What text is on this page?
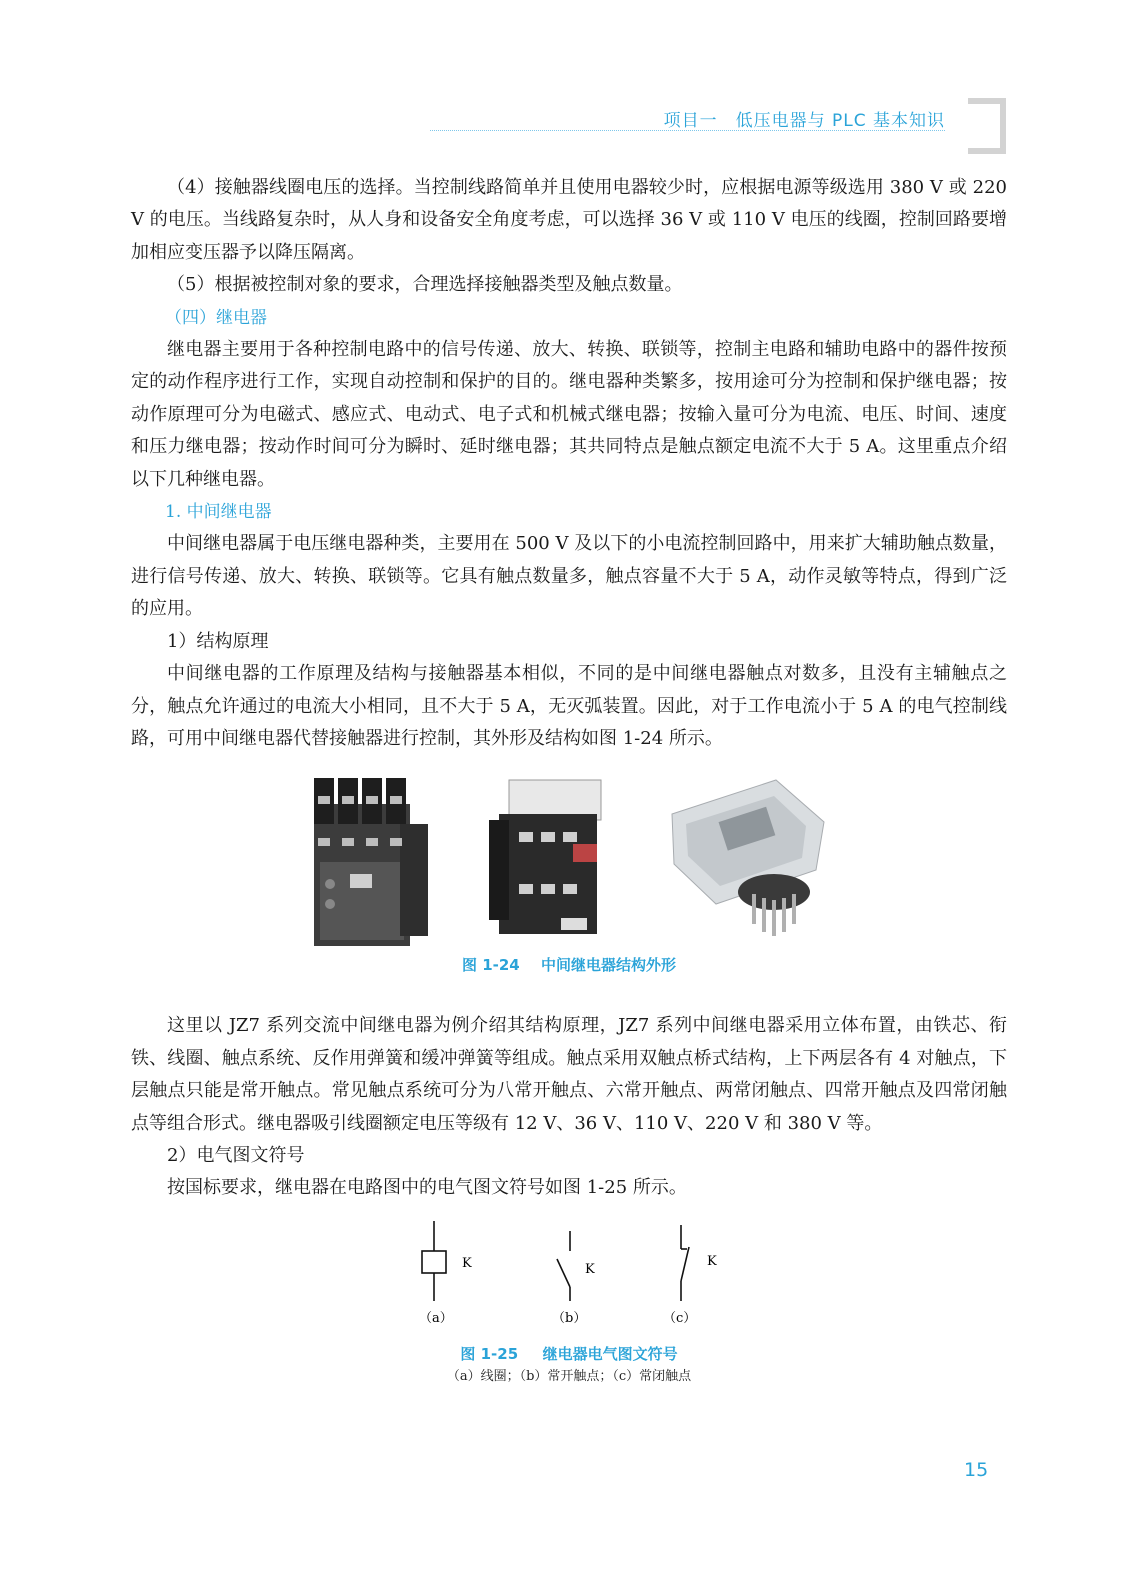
项目一　低压电器与 PLC 基本知识

（4）接触器线圈电压的选择。当控制线路简单并且使用电器较少时，应根据电源等级选用 380 V 或 220 V 的电压。当线路复杂时，从人身和设备安全角度考虑，可以选择 36 V 或 110 V 电压的线圈，控制回路要增加相应变压器予以降压隔离。

（5）根据被控制对象的要求，合理选择接触器类型及触点数量。

（四）继电器

继电器主要用于各种控制电路中的信号传递、放大、转换、联锁等，控制主电路和辅助电路中的器件按预定的动作程序进行工作，实现自动控制和保护的目的。继电器种类繁多，按用途可分为控制和保护继电器；按动作原理可分为电磁式、感应式、电动式、电子式和机械式继电器；按输入量可分为电流、电压、时间、速度和压力继电器；按动作时间可分为瞬时、延时继电器；其共同特点是触点额定电流不大于 5 A。这里重点介绍以下几种继电器。

1. 中间继电器

中间继电器属于电压继电器种类，主要用在 500 V 及以下的小电流控制回路中，用来扩大辅助触点数量，进行信号传递、放大、转换、联锁等。它具有触点数量多，触点容量不大于 5 A，动作灵敏等特点，得到广泛的应用。

1）结构原理

中间继电器的工作原理及结构与接触器基本相似，不同的是中间继电器触点对数多，且没有主辅触点之分，触点允许通过的电流大小相同，且不大于 5 A，无灭弧装置。因此，对于工作电流小于 5 A 的电气控制线路，可用中间继电器代替接触器进行控制，其外形及结构如图 1-24 所示。

图 1-24 中间继电器结构外形

这里以 JZ7 系列交流中间继电器为例介绍其结构原理，JZ7 系列中间继电器采用立体布置，由铁芯、衔铁、线圈、触点系统、反作用弹簧和缓冲弹簧等组成。触点采用双触点桥式结构，上下两层各有 4 对触点，下层触点只能是常开触点。常见触点系统可分为八常开触点、六常开触点、两常闭触点、四常开触点及四常闭触点等组合形式。继电器吸引线圈额定电压等级有 12 V、36 V、110 V、220 V 和 380 V 等。

2）电气图文符号

按国标要求，继电器在电路图中的电气图文符号如图 1-25 所示。

K
（a）
K
（b）
K
（c）
图 1-25 继电器电气图文符号
（a）线圈；（b）常开触点；（c）常闭触点
15
